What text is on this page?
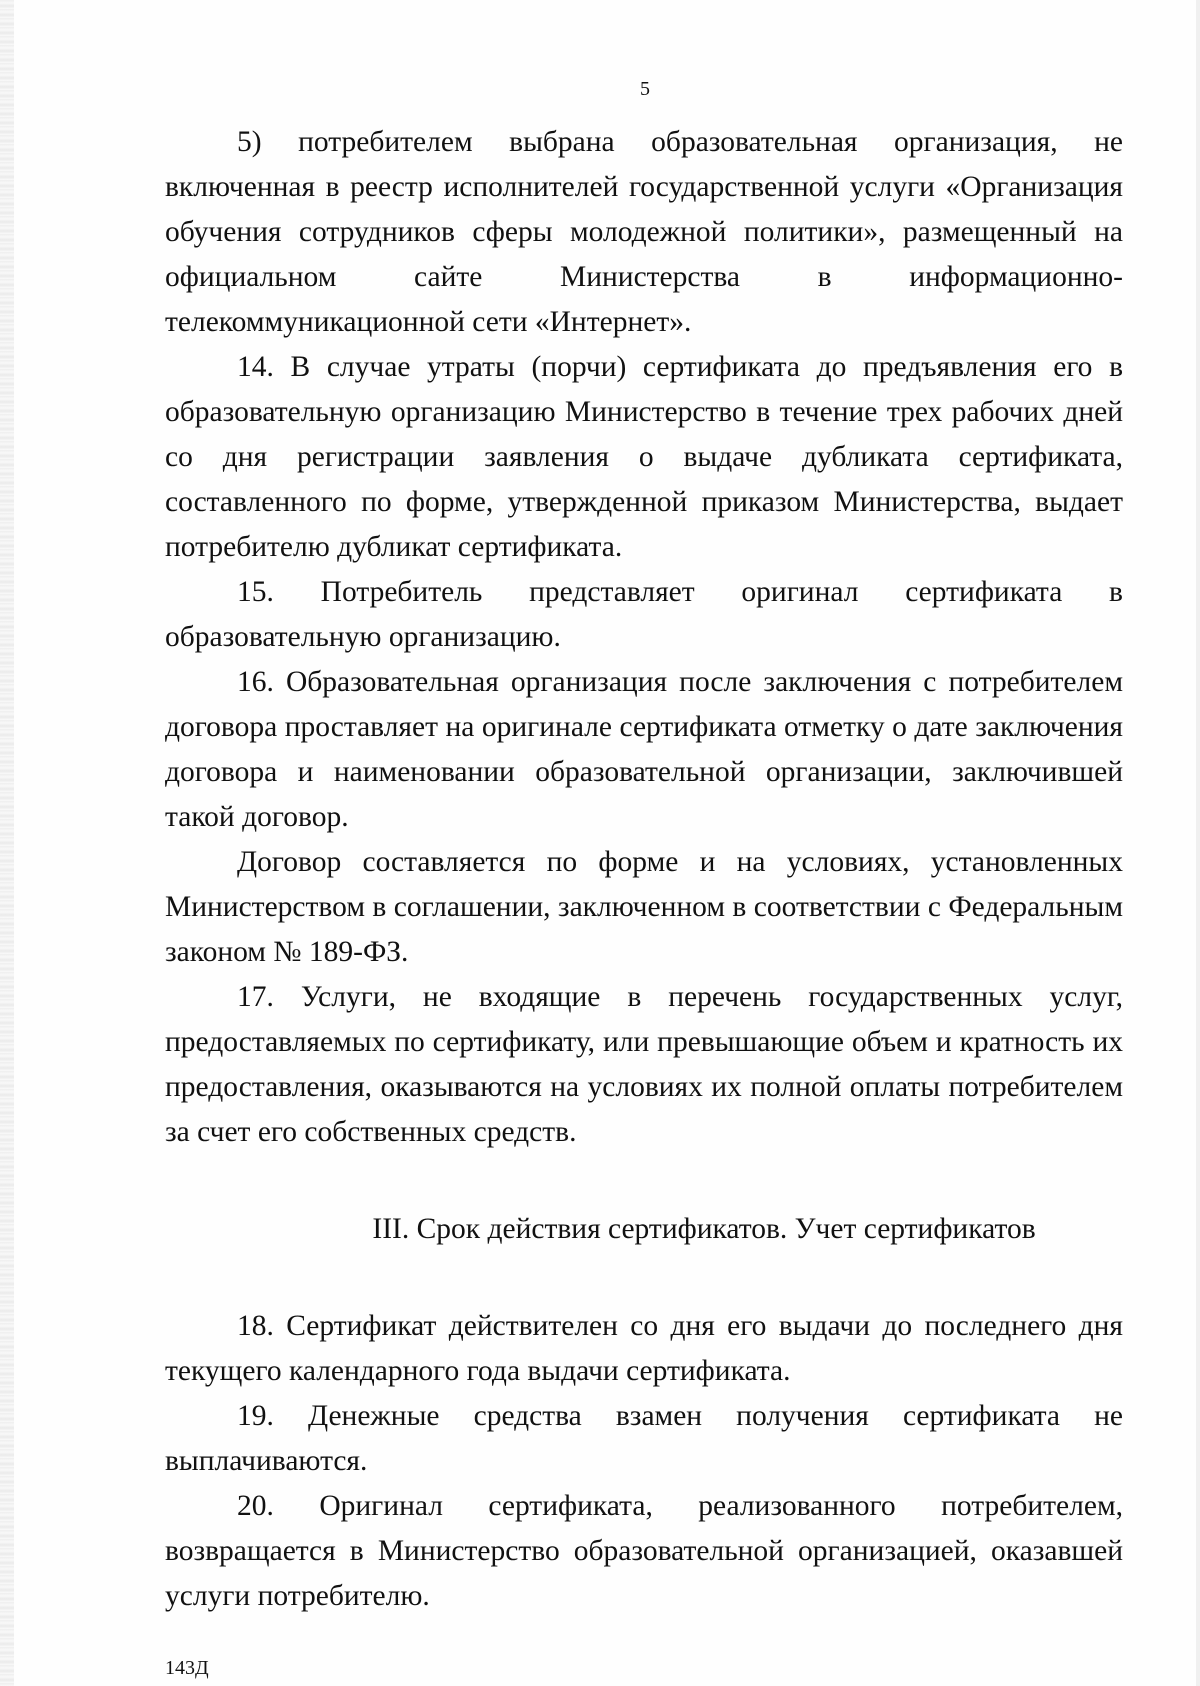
5

5) потребителем выбрана образовательная организация, не включенная в реестр исполнителей государственной услуги «Организация обучения сотрудников сферы молодежной политики», размещенный на официальном сайте Министерства в информационно-телекоммуникационной сети «Интернет».

14. В случае утраты (порчи) сертификата до предъявления его в образовательную организацию Министерство в течение трех рабочих дней со дня регистрации заявления о выдаче дубликата сертификата, составленного по форме, утвержденной приказом Министерства, выдает потребителю дубликат сертификата.

15. Потребитель представляет оригинал сертификата в образовательную организацию.

16. Образовательная организация после заключения с потребителем договора проставляет на оригинале сертификата отметку о дате заключения договора и наименовании образовательной организации, заключившей такой договор.

Договор составляется по форме и на условиях, установленных Министерством в соглашении, заключенном в соответствии с Федеральным законом № 189-ФЗ.

17. Услуги, не входящие в перечень государственных услуг, предоставляемых по сертификату, или превышающие объем и кратность их предоставления, оказываются на условиях их полной оплаты потребителем за счет его собственных средств.

III. Срок действия сертификатов. Учет сертификатов

18. Сертификат действителен со дня его выдачи до последнего дня текущего календарного года выдачи сертификата.

19. Денежные средства взамен получения сертификата не выплачиваются.

20. Оригинал сертификата, реализованного потребителем, возвращается в Министерство образовательной организацией, оказавшей услуги потребителю.

143Д
